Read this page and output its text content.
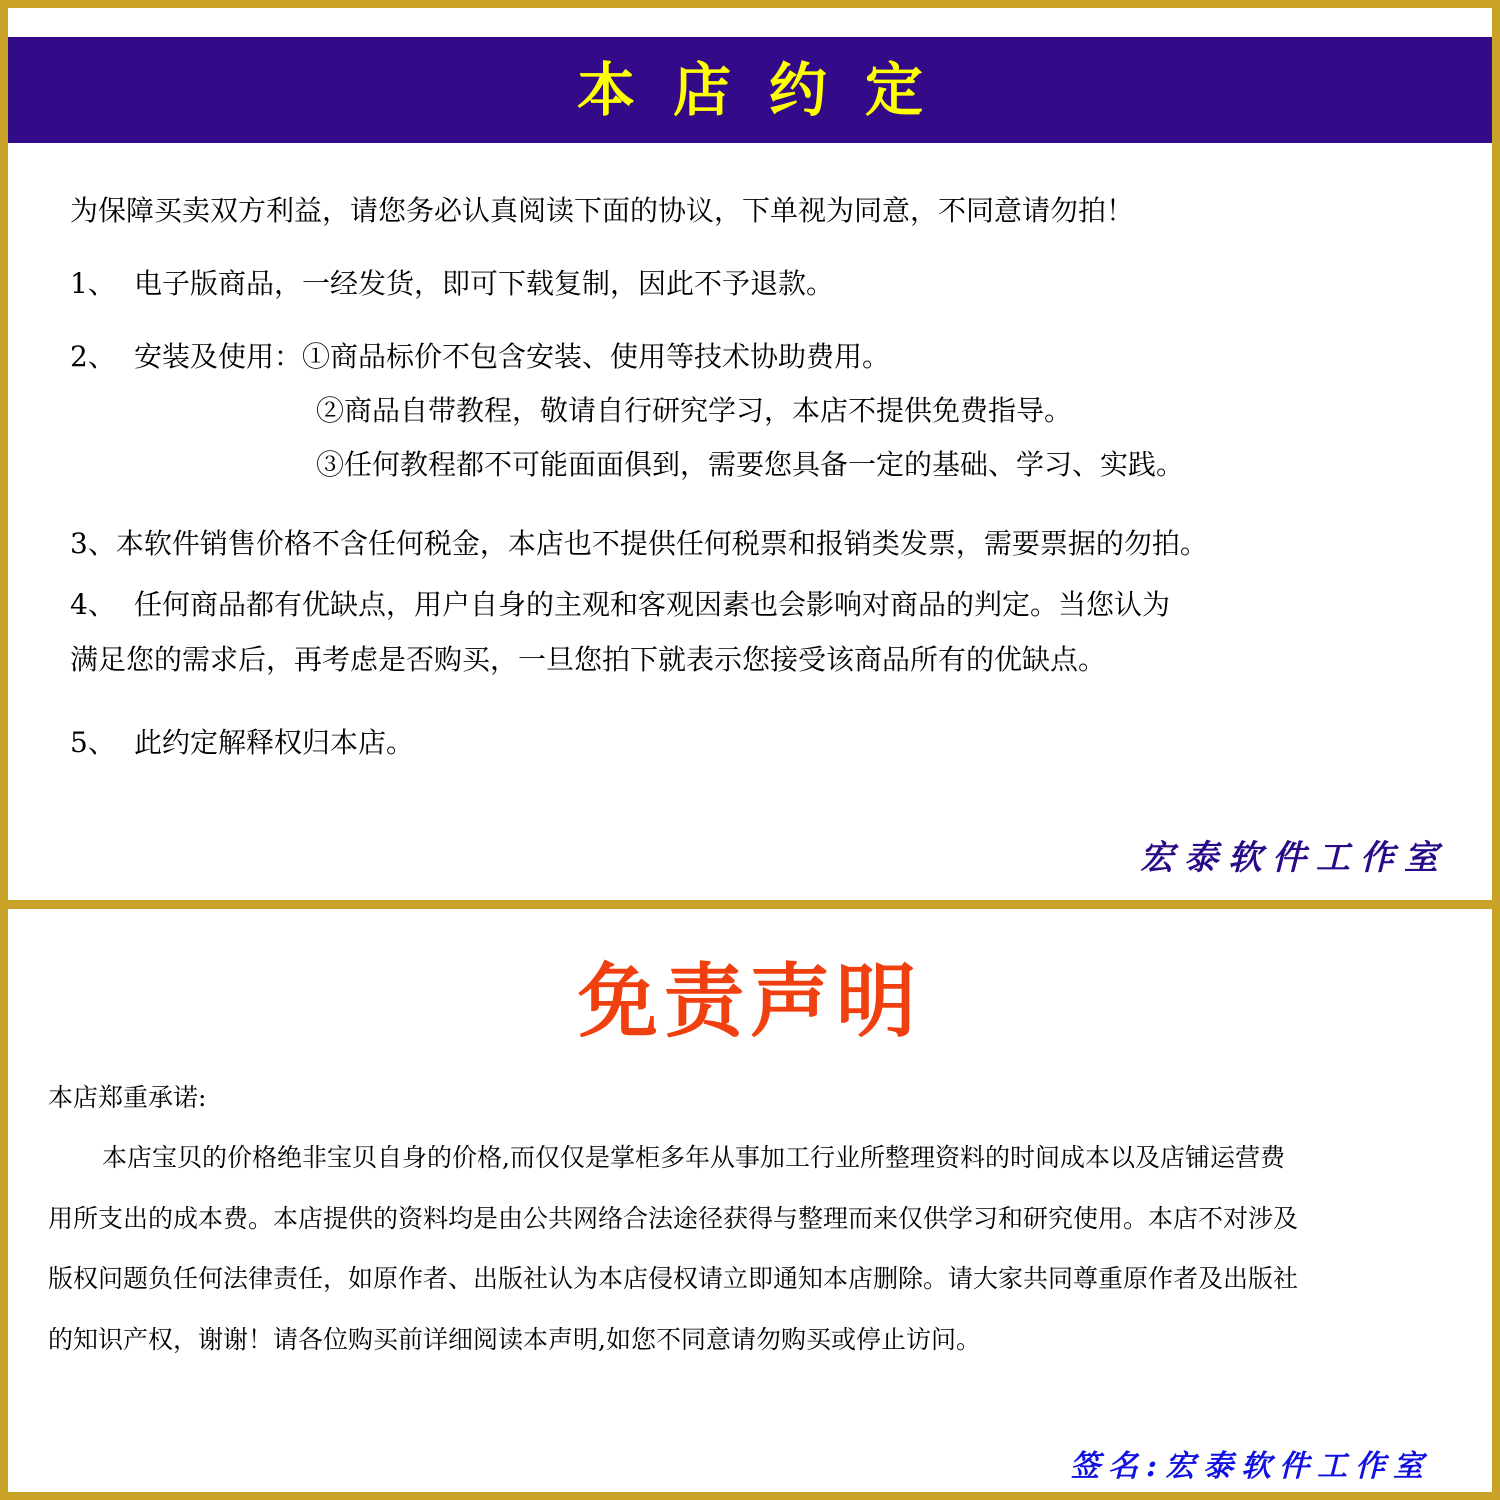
本店约定
为保障买卖双方利益，请您务必认真阅读下面的协议，下单视为同意，不同意请勿拍！
1、 电子版商品，一经发货，即可下载复制，因此不予退款。
2、 安装及使用：①商品标价不包含安装、使用等技术协助费用。
②商品自带教程，敬请自行研究学习，本店不提供免费指导。
③任何教程都不可能面面俱到，需要您具备一定的基础、学习、实践。
3、本软件销售价格不含任何税金，本店也不提供任何税票和报销类发票，需要票据的勿拍。
4、 任何商品都有优缺点，用户自身的主观和客观因素也会影响对商品的判定。当您认为
满足您的需求后，再考虑是否购买，一旦您拍下就表示您接受该商品所有的优缺点。
5、 此约定解释权归本店。
宏泰软件工作室
免责声明
本店郑重承诺:
本店宝贝的价格绝非宝贝自身的价格,而仅仅是掌柜多年从事加工行业所整理资料的时间成本以及店铺运营费
用所支出的成本费。本店提供的资料均是由公共网络合法途径获得与整理而来仅供学习和研究使用。本店不对涉及
版权问题负任何法律责任，如原作者、出版社认为本店侵权请立即通知本店删除。请大家共同尊重原作者及出版社
的知识产权，谢谢！请各位购买前详细阅读本声明,如您不同意请勿购买或停止访问。
签名:宏泰软件工作室
